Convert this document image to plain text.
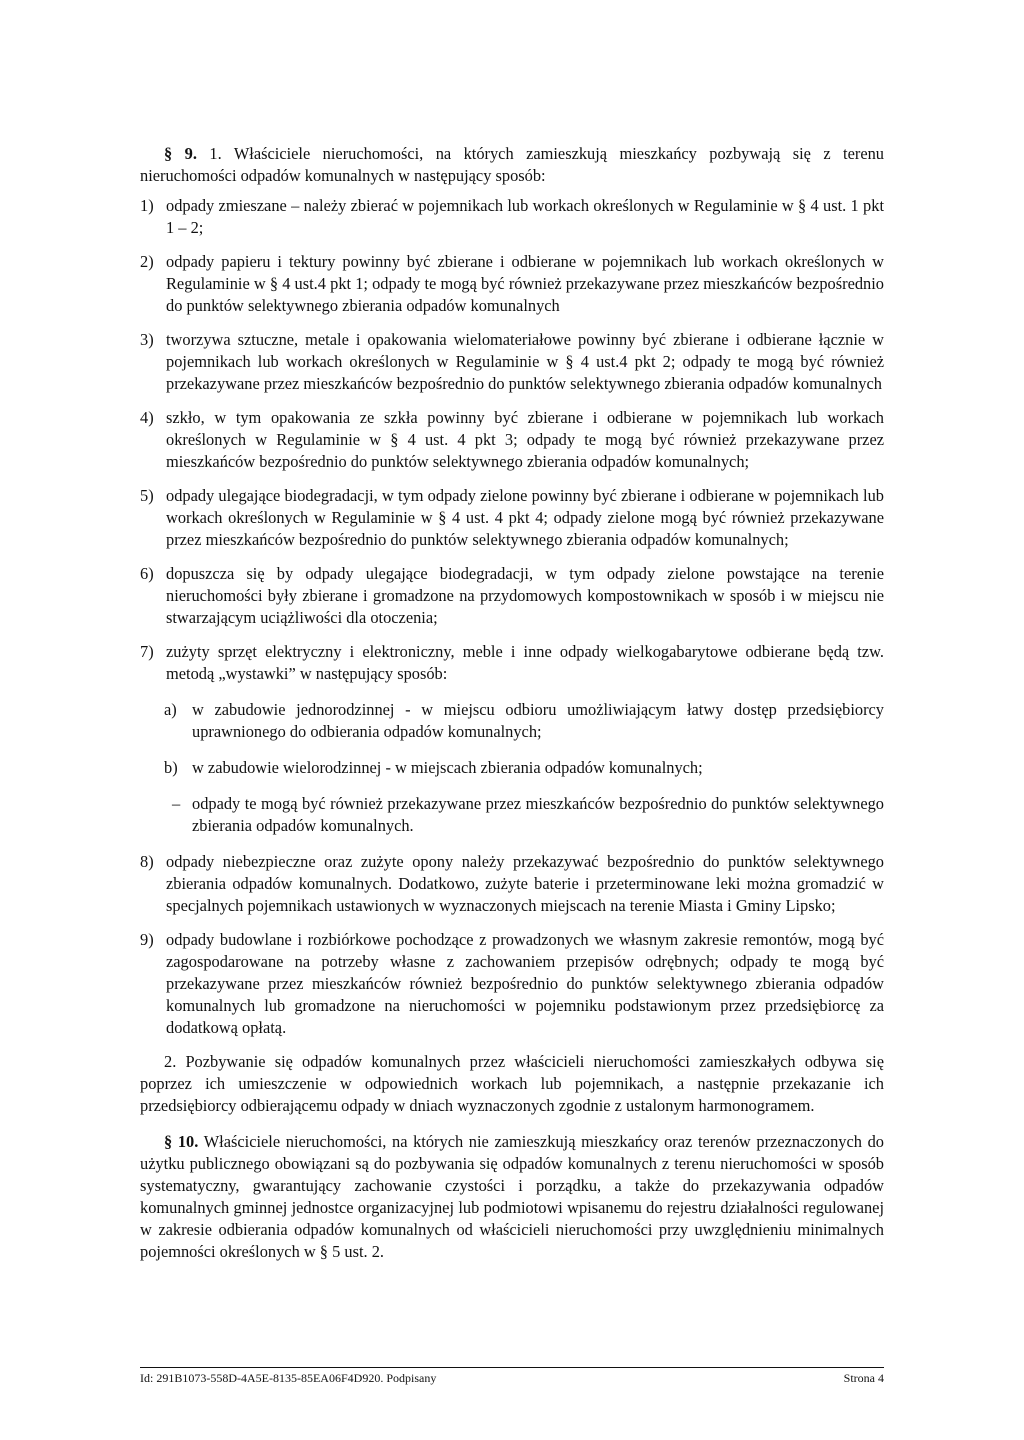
§ 9. 1. Właściciele nieruchomości, na których zamieszkują mieszkańcy pozbywają się z terenu nieruchomości odpadów komunalnych w następujący sposób:

1) odpady zmieszane – należy zbierać w pojemnikach lub workach określonych w Regulaminie w § 4 ust. 1 pkt 1 – 2;
2) odpady papieru i tektury powinny być zbierane i odbierane w pojemnikach lub workach określonych w Regulaminie w § 4 ust.4 pkt 1; odpady te mogą być również przekazywane przez mieszkańców bezpośrednio do punktów selektywnego zbierania odpadów komunalnych
3) tworzywa sztuczne, metale i opakowania wielomateriałowe powinny być zbierane i odbierane łącznie w pojemnikach lub workach określonych w Regulaminie w § 4 ust.4 pkt 2; odpady te mogą być również przekazywane przez mieszkańców bezpośrednio do punktów selektywnego zbierania odpadów komunalnych
4) szkło, w tym opakowania ze szkła powinny być zbierane i odbierane w pojemnikach lub workach określonych w Regulaminie w § 4 ust. 4 pkt 3; odpady te mogą być również przekazywane przez mieszkańców bezpośrednio do punktów selektywnego zbierania odpadów komunalnych;
5) odpady ulegające biodegradacji, w tym odpady zielone powinny być zbierane i odbierane w pojemnikach lub workach określonych w Regulaminie w § 4 ust. 4 pkt 4; odpady zielone mogą być również przekazywane przez mieszkańców bezpośrednio do punktów selektywnego zbierania odpadów komunalnych;
6) dopuszcza się by odpady ulegające biodegradacji, w tym odpady zielone powstające na terenie nieruchomości były zbierane i gromadzone na przydomowych kompostownikach w sposób i w miejscu nie stwarzającym uciążliwości dla otoczenia;
7) zużyty sprzęt elektryczny i elektroniczny, meble i inne odpady wielkogabarytowe odbierane będą tzw. metodą „wystawki” w następujący sposób:
a) w zabudowie jednorodzinnej - w miejscu odbioru umożliwiającym łatwy dostęp przedsiębiorcy uprawnionego do odbierania odpadów komunalnych;
b) w zabudowie wielorodzinnej - w miejscach zbierania odpadów komunalnych;
– odpady te mogą być również przekazywane przez mieszkańców bezpośrednio do punktów selektywnego zbierania odpadów komunalnych.
8) odpady niebezpieczne oraz zużyte opony należy przekazywać bezpośrednio do punktów selektywnego zbierania odpadów komunalnych. Dodatkowo, zużyte baterie i przeterminowane leki można gromadzić w specjalnych pojemnikach ustawionych w wyznaczonych miejscach na terenie Miasta i Gminy Lipsko;
9) odpady budowlane i rozbiórkowe pochodzące z prowadzonych we własnym zakresie remontów, mogą być zagospodarowane na potrzeby własne z zachowaniem przepisów odrębnych; odpady te mogą być przekazywane przez mieszkańców również bezpośrednio do punktów selektywnego zbierania odpadów komunalnych lub gromadzone na nieruchomości w pojemniku podstawionym przez przedsiębiorcę za dodatkową opłatą.

2. Pozbywanie się odpadów komunalnych przez właścicieli nieruchomości zamieszkałych odbywa się poprzez ich umieszczenie w odpowiednich workach lub pojemnikach, a następnie przekazanie ich przedsiębiorcy odbierającemu odpady w dniach wyznaczonych zgodnie z ustalonym harmonogramem.

§ 10. Właściciele nieruchomości, na których nie zamieszkują mieszkańcy oraz terenów przeznaczonych do użytku publicznego obowiązani są do pozbywania się odpadów komunalnych z terenu nieruchomości w sposób systematyczny, gwarantujący zachowanie czystości i porządku, a także do przekazywania odpadów komunalnych gminnej jednostce organizacyjnej lub podmiotowi wpisanemu do rejestru działalności regulowanej w zakresie odbierania odpadów komunalnych od właścicieli nieruchomości przy uwzględnieniu minimalnych pojemności określonych w § 5 ust. 2.

Id: 291B1073-558D-4A5E-8135-85EA06F4D920. Podpisany	Strona 4
